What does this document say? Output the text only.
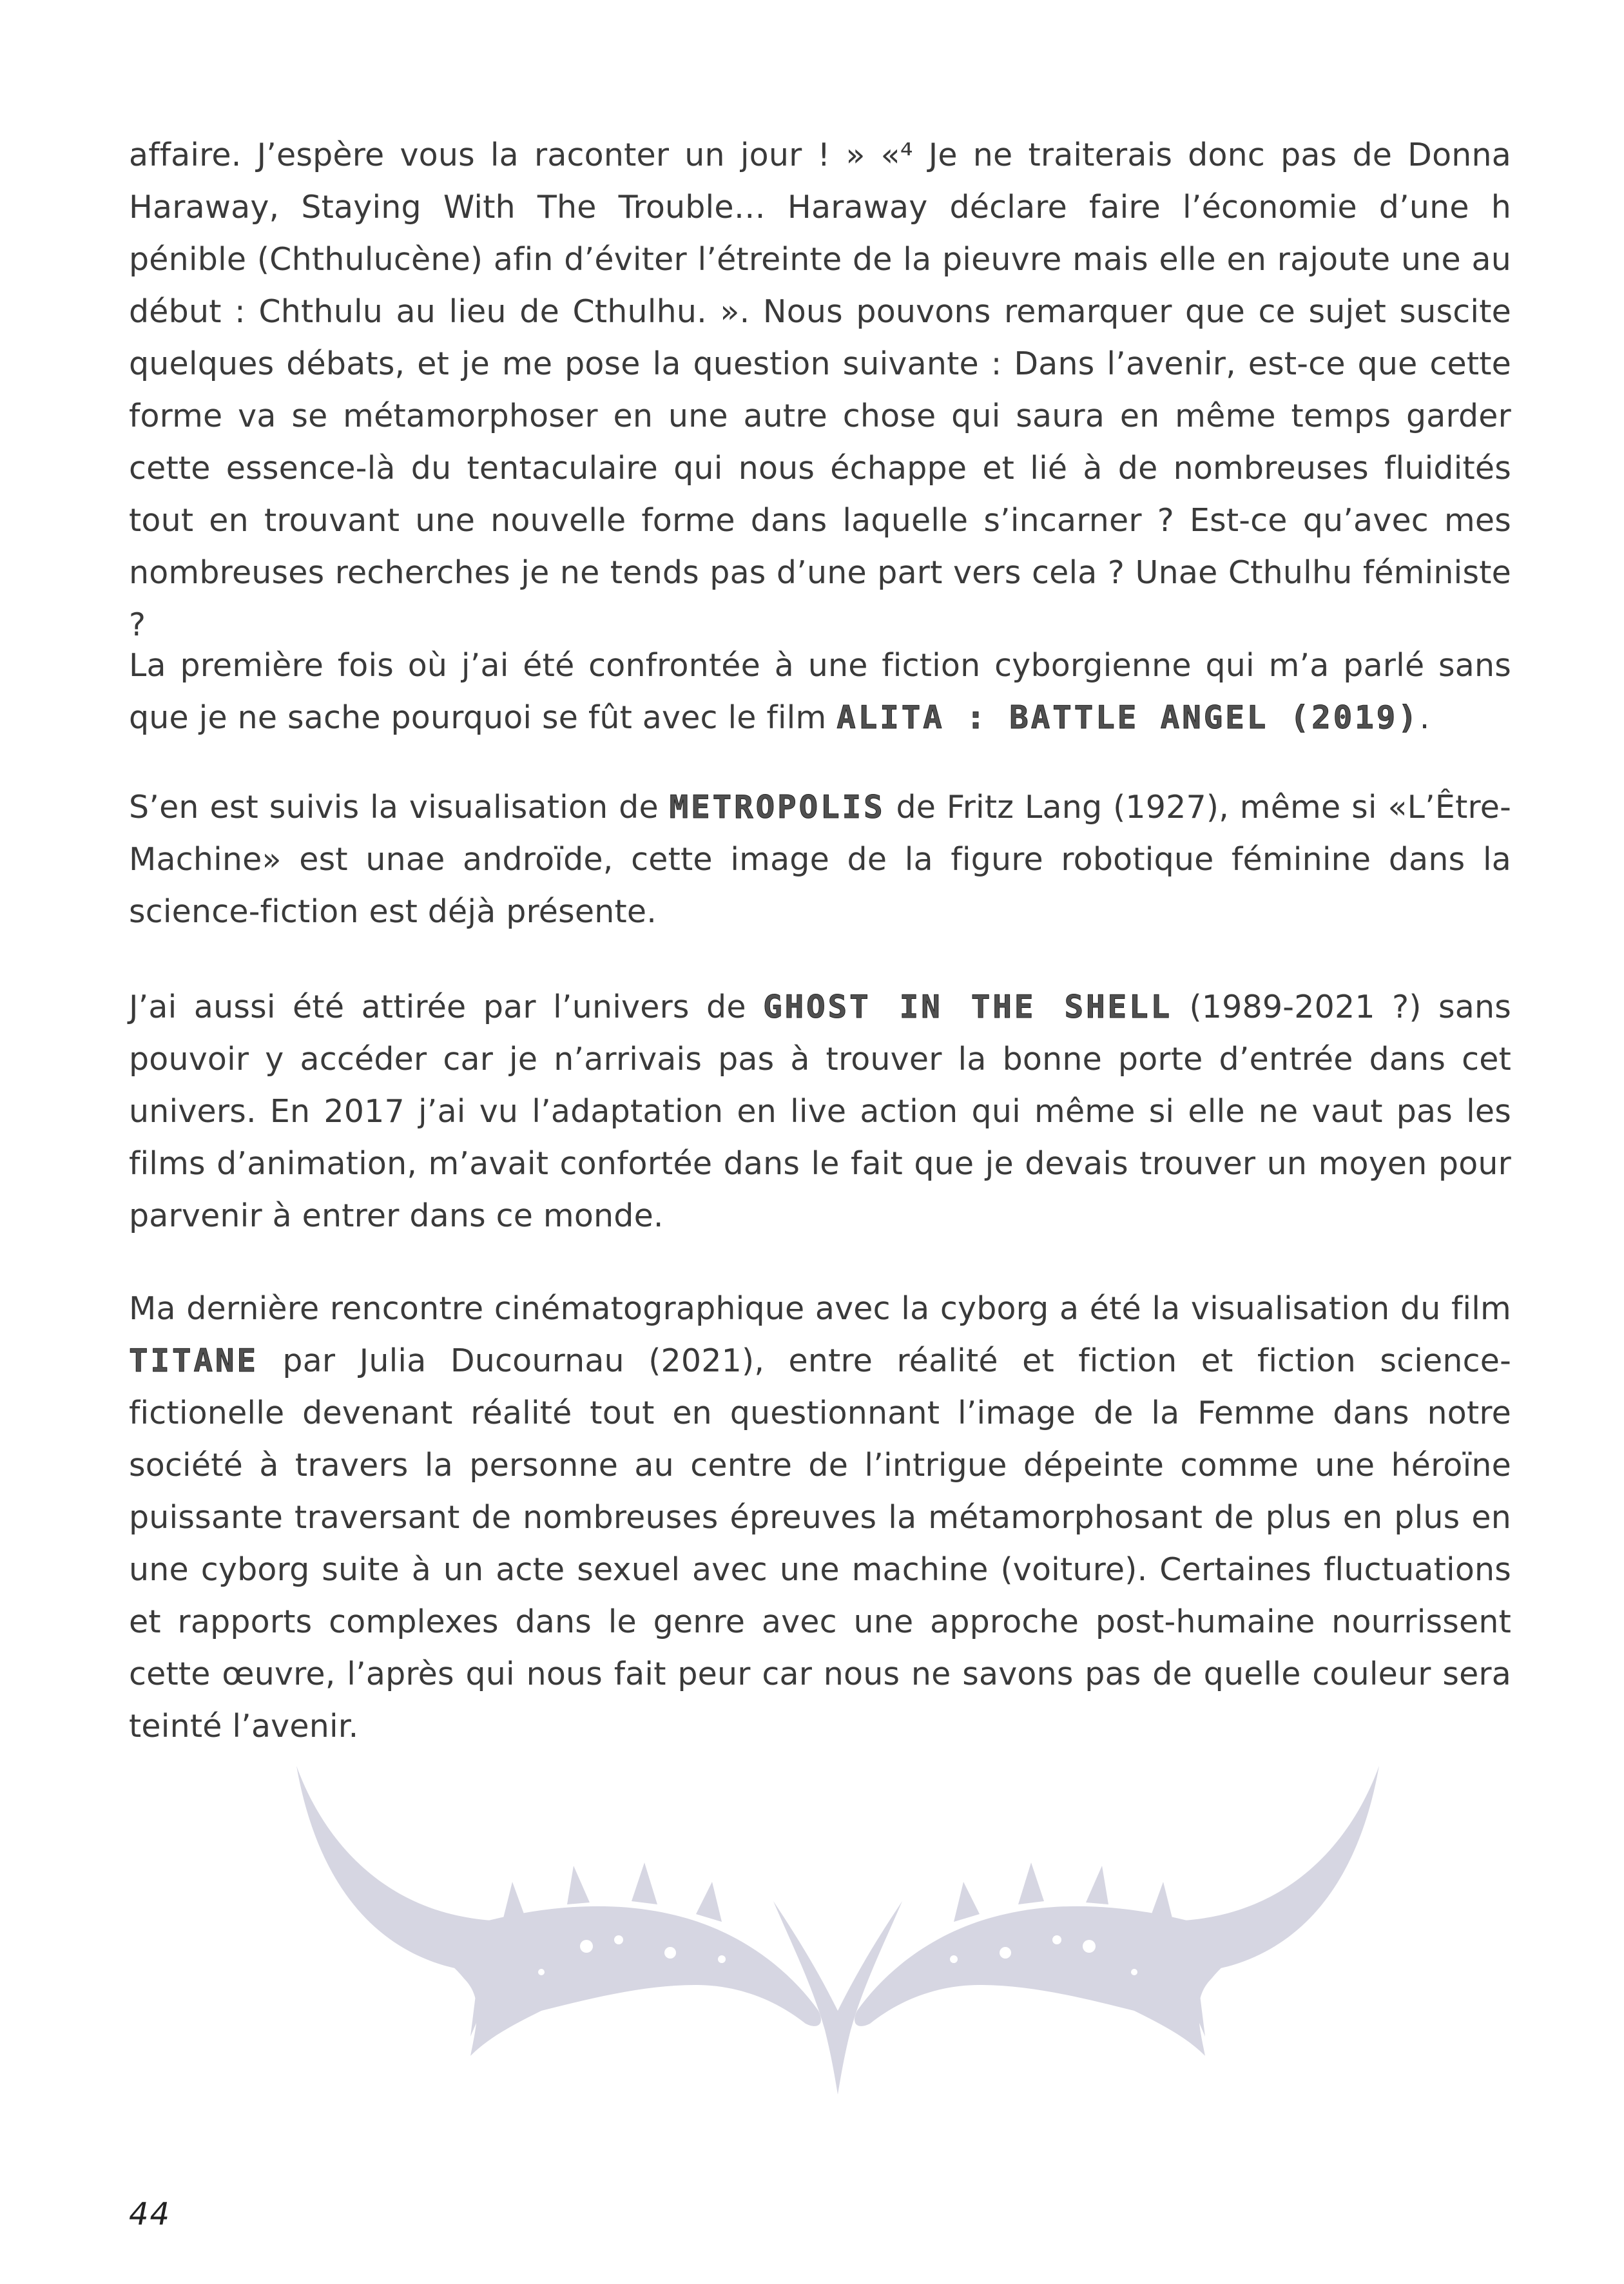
affaire. J’espère vous la raconter un jour ! » «⁴ Je ne traiterais donc pas de Donna Haraway, Staying With The Trouble… Haraway déclare faire l’économie d’une h pénible (Chthulucène) afin d’éviter l’étreinte de la pieuvre mais elle en rajoute une au début : Chthulu au lieu de Cthulhu. ». Nous pouvons remarquer que ce sujet suscite quelques débats, et je me pose la question suivante : Dans l’avenir, est-ce que cette forme va se métamorphoser en une autre chose qui saura en même temps garder cette essence-là du tentaculaire qui nous échappe et lié à de nombreuses fluidités tout en trouvant une nouvelle forme dans laquelle s’incarner ? Est-ce qu’avec mes nombreuses recherches je ne tends pas d’une part vers cela ? Unae Cthulhu féministe ?

La première fois où j’ai été confrontée à une fiction cyborgienne qui m’a parlé sans que je ne sache pourquoi se fût avec le film ALITA : BATTLE ANGEL (2019).

S’en est suivis la visualisation de METROPOLIS de Fritz Lang (1927), même si «L’Être-Machine» est unae androïde, cette image de la figure robotique féminine dans la science-fiction est déjà présente.

J’ai aussi été attirée par l’univers de GHOST IN THE SHELL (1989-2021 ?) sans pouvoir y accéder car je n’arrivais pas à trouver la bonne porte d’entrée dans cet univers. En 2017 j’ai vu l’adaptation en live action qui même si elle ne vaut pas les films d’animation, m’avait confortée dans le fait que je devais trouver un moyen pour parvenir à entrer dans ce monde.

Ma dernière rencontre cinématographique avec la cyborg a été la visualisation du film TITANE par Julia Ducournau (2021), entre réalité et fiction et fiction science-fictionelle devenant réalité tout en questionnant l’image de la Femme dans notre société à travers la personne au centre de l’intrigue dépeinte comme une héroïne puissante traversant de nombreuses épreuves la métamorphosant de plus en plus en une cyborg suite à un acte sexuel avec une machine (voiture). Certaines fluctuations et rapports complexes dans le genre avec une approche post-humaine nourrissent cette œuvre, l’après qui nous fait peur car nous ne savons pas de quelle couleur sera teinté l’avenir.

44
